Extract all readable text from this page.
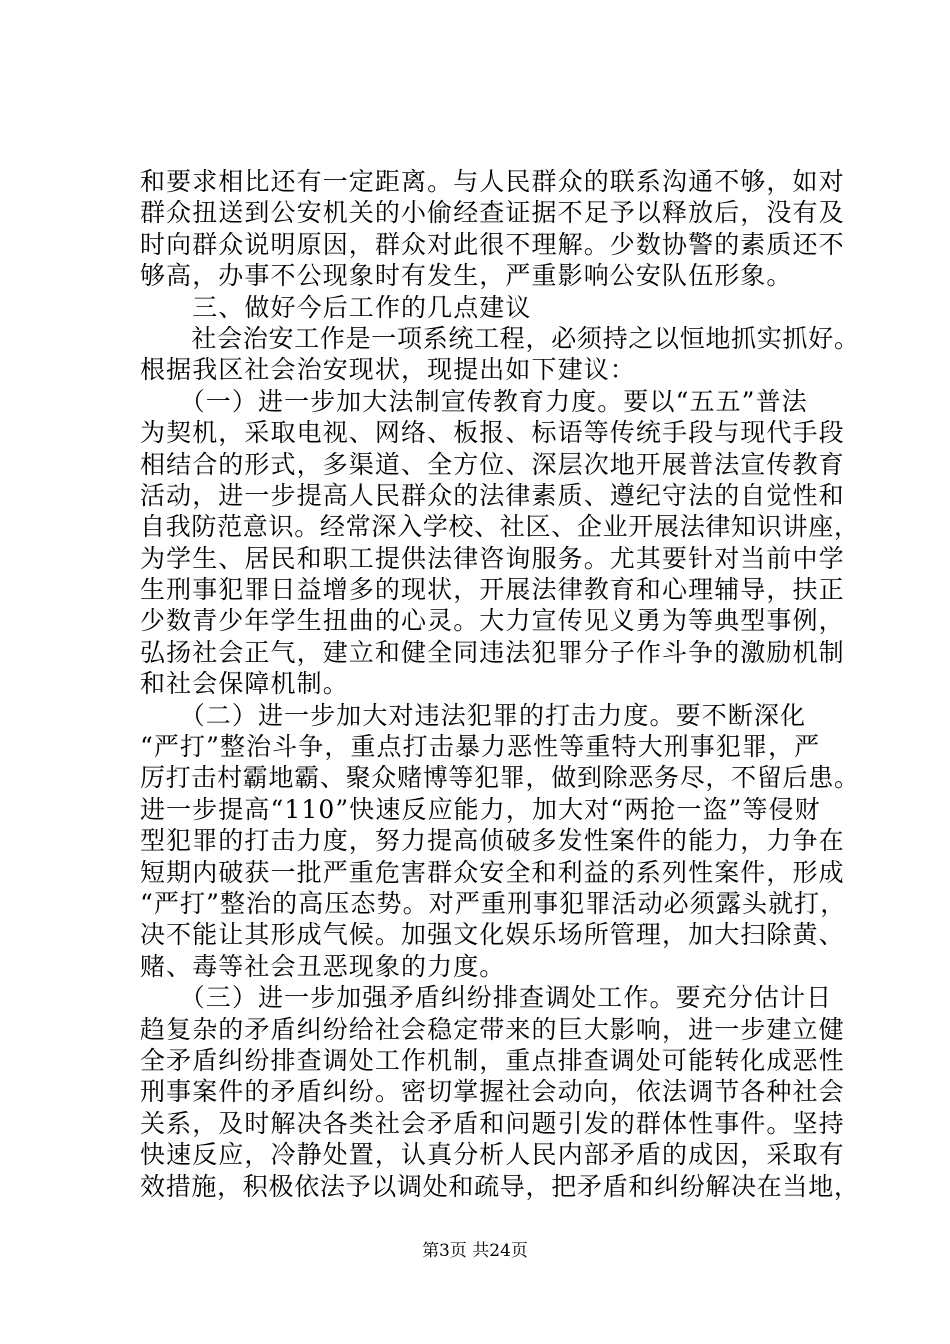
和要求相比还有一定距离。与人民群众的联系沟通不够，如对
群众扭送到公安机关的小偷经查证据不足予以释放后，没有及
时向群众说明原因，群众对此很不理解。少数协警的素质还不
够高，办事不公现象时有发生，严重影响公安队伍形象。
　　三、做好今后工作的几点建议
　　社会治安工作是一项系统工程，必须持之以恒地抓实抓好。
根据我区社会治安现状，现提出如下建议：
　　（一）进一步加大法制宣传教育力度。要以“五五”普法
为契机，采取电视、网络、板报、标语等传统手段与现代手段
相结合的形式，多渠道、全方位、深层次地开展普法宣传教育
活动，进一步提高人民群众的法律素质、遵纪守法的自觉性和
自我防范意识。经常深入学校、社区、企业开展法律知识讲座，
为学生、居民和职工提供法律咨询服务。尤其要针对当前中学
生刑事犯罪日益增多的现状，开展法律教育和心理辅导，扶正
少数青少年学生扭曲的心灵。大力宣传见义勇为等典型事例，
弘扬社会正气，建立和健全同违法犯罪分子作斗争的激励机制
和社会保障机制。
　　（二）进一步加大对违法犯罪的打击力度。要不断深化
“严打”整治斗争，重点打击暴力恶性等重特大刑事犯罪，严
厉打击村霸地霸、聚众赌博等犯罪，做到除恶务尽，不留后患。
进一步提高“110”快速反应能力，加大对“两抢一盗”等侵财
型犯罪的打击力度，努力提高侦破多发性案件的能力，力争在
短期内破获一批严重危害群众安全和利益的系列性案件，形成
“严打”整治的高压态势。对严重刑事犯罪活动必须露头就打，
决不能让其形成气候。加强文化娱乐场所管理，加大扫除黄、
赌、毒等社会丑恶现象的力度。
　　（三）进一步加强矛盾纠纷排查调处工作。要充分估计日
趋复杂的矛盾纠纷给社会稳定带来的巨大影响，进一步建立健
全矛盾纠纷排查调处工作机制，重点排查调处可能转化成恶性
刑事案件的矛盾纠纷。密切掌握社会动向，依法调节各种社会
关系，及时解决各类社会矛盾和问题引发的群体性事件。坚持
快速反应，冷静处置，认真分析人民内部矛盾的成因，采取有
效措施，积极依法予以调处和疏导，把矛盾和纠纷解决在当地，
第3页 共24页
